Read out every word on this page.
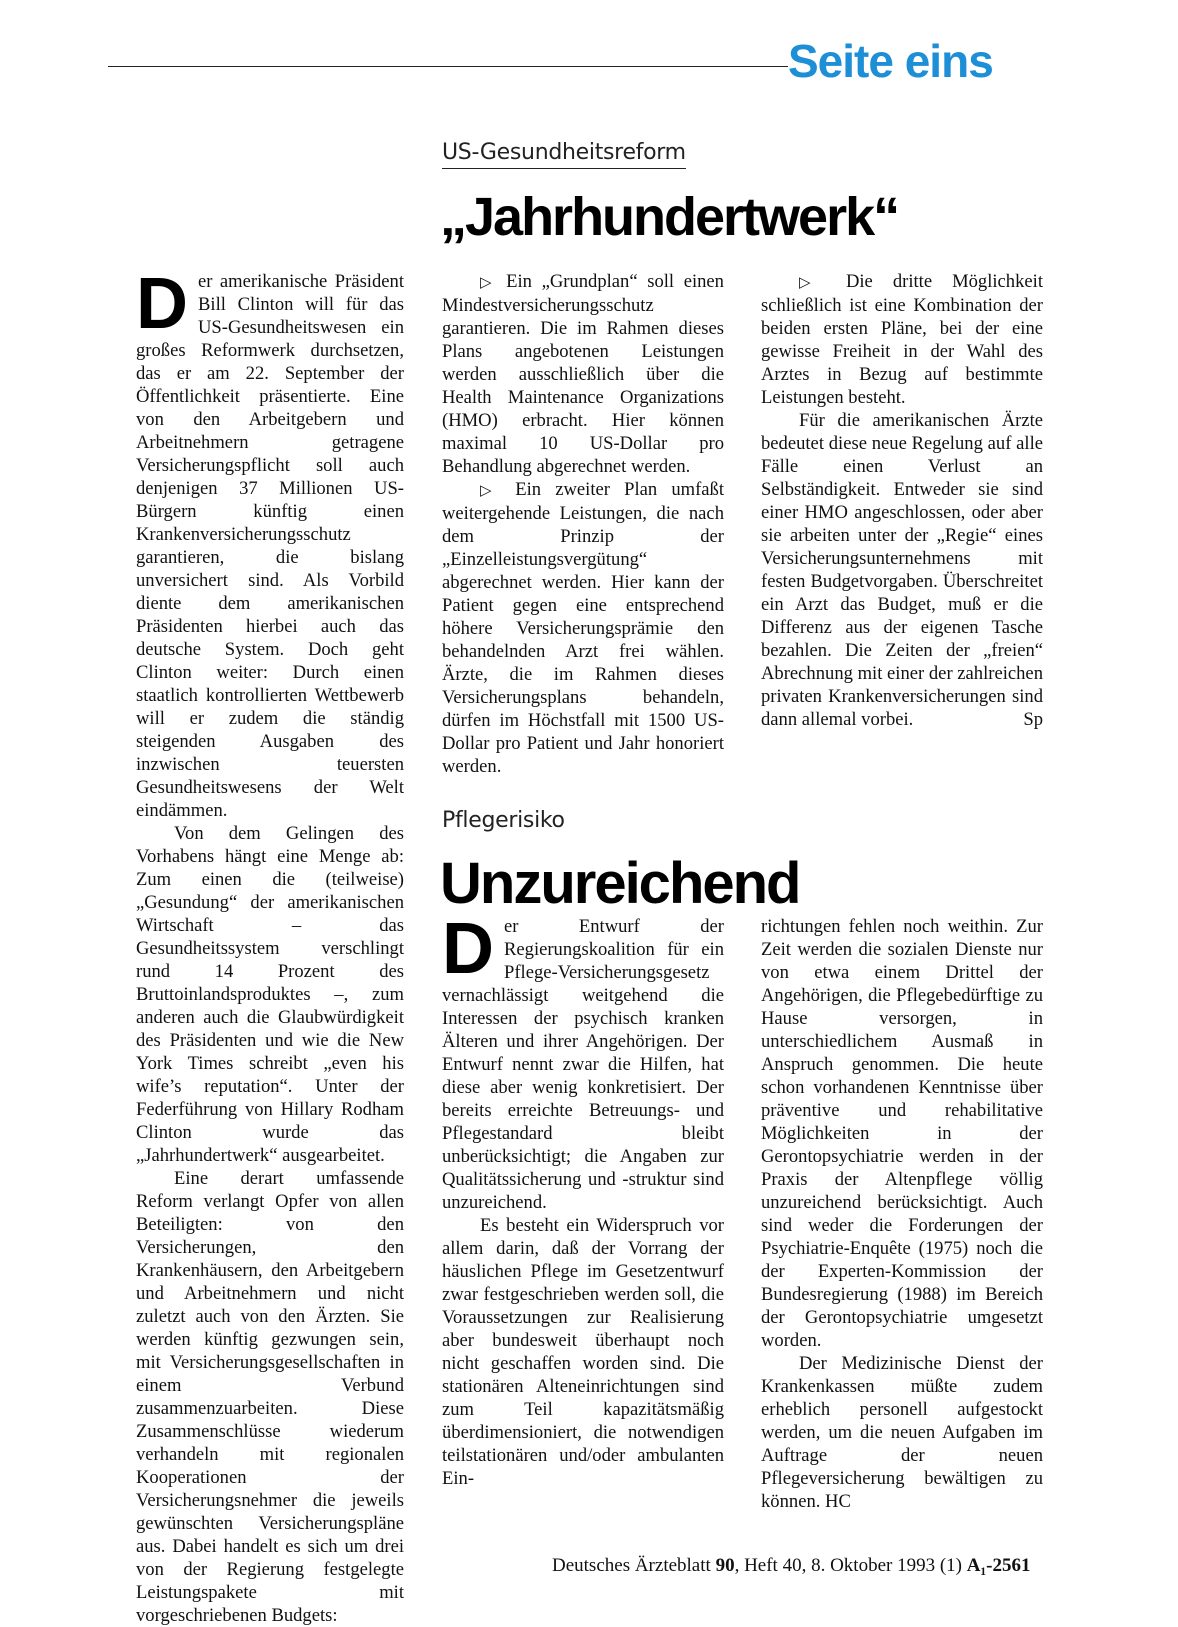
Seite eins
US-Gesundheitsreform
„Jahrhundertwerk“

Der amerikanische Präsident Bill Clinton will für das US-Gesundheitswesen ein großes Reformwerk durchsetzen, das er am 22. September der Öffentlichkeit präsentierte. Eine von den Arbeitgebern und Arbeitnehmern getragene Versicherungspflicht soll auch denjenigen 37 Millionen US-Bürgern künftig einen Krankenversicherungsschutz garantieren, die bislang unversichert sind. Als Vorbild diente dem amerikanischen Präsidenten hierbei auch das deutsche System. Doch geht Clinton weiter: Durch einen staatlich kontrollierten Wettbewerb will er zudem die ständig steigenden Ausgaben des inzwischen teuersten Gesundheitswesens der Welt eindämmen.

Von dem Gelingen des Vorhabens hängt eine Menge ab: Zum einen die (teilweise) „Gesundung“ der amerikanischen Wirtschaft – das Gesundheitssystem verschlingt rund 14 Prozent des Bruttoinlandsproduktes –, zum anderen auch die Glaubwürdigkeit des Präsidenten und wie die New York Times schreibt „even his wife’s reputation“. Unter der Federführung von Hillary Rodham Clinton wurde das „Jahrhundertwerk“ ausgearbeitet.

Eine derart umfassende Reform verlangt Opfer von allen Beteiligten: von den Versicherungen, den Krankenhäusern, den Arbeitgebern und Arbeitnehmern und nicht zuletzt auch von den Ärzten. Sie werden künftig gezwungen sein, mit Versicherungsgesellschaften in einem Verbund zusammenzuarbeiten. Diese Zusammenschlüsse wiederum verhandeln mit regionalen Kooperationen der Versicherungsnehmer die jeweils gewünschten Versicherungspläne aus. Dabei handelt es sich um drei von der Regierung festgelegte Leistungspakete mit vorgeschriebenen Budgets:

▷ Ein „Grundplan“ soll einen Mindestversicherungsschutz garantieren. Die im Rahmen dieses Plans angebotenen Leistungen werden ausschließlich über die Health Maintenance Organizations (HMO) erbracht. Hier können maximal 10 US-Dollar pro Behandlung abgerechnet werden.

▷ Ein zweiter Plan umfaßt weitergehende Leistungen, die nach dem Prinzip der „Einzelleistungsvergütung“ abgerechnet werden. Hier kann der Patient gegen eine entsprechend höhere Versicherungsprämie den behandelnden Arzt frei wählen. Ärzte, die im Rahmen dieses Versicherungsplans behandeln, dürfen im Höchstfall mit 1500 US-Dollar pro Patient und Jahr honoriert werden.

▷ Die dritte Möglichkeit schließlich ist eine Kombination der beiden ersten Pläne, bei der eine gewisse Freiheit in der Wahl des Arztes in Bezug auf bestimmte Leistungen besteht.

Für die amerikanischen Ärzte bedeutet diese neue Regelung auf alle Fälle einen Verlust an Selbständigkeit. Entweder sie sind einer HMO angeschlossen, oder aber sie arbeiten unter der „Regie“ eines Versicherungsunternehmens mit festen Budgetvorgaben. Überschreitet ein Arzt das Budget, muß er die Differenz aus der eigenen Tasche bezahlen. Die Zeiten der „freien“ Abrechnung mit einer der zahlreichen privaten Krankenversicherungen sind dann allemal vorbei.	Sp

Pflegerisiko
Unzureichend

Der Entwurf der Regierungskoalition für ein Pflege-Versicherungsgesetz vernachlässigt weitgehend die Interessen der psychisch kranken Älteren und ihrer Angehörigen. Der Entwurf nennt zwar die Hilfen, hat diese aber wenig konkretisiert. Der bereits erreichte Betreuungs- und Pflegestandard bleibt unberücksichtigt; die Angaben zur Qualitätssicherung und -struktur sind unzureichend.

Es besteht ein Widerspruch vor allem darin, daß der Vorrang der häuslichen Pflege im Gesetzentwurf zwar festgeschrieben werden soll, die Voraussetzungen zur Realisierung aber bundesweit überhaupt noch nicht geschaffen worden sind. Die stationären Alteneinrichtungen sind zum Teil kapazitätsmäßig überdimensioniert, die notwendigen teilstationären und/oder ambulanten Ein-

richtungen fehlen noch weithin. Zur Zeit werden die sozialen Dienste nur von etwa einem Drittel der Angehörigen, die Pflegebedürftige zu Hause versorgen, in unterschiedlichem Ausmaß in Anspruch genommen. Die heute schon vorhandenen Kenntnisse über präventive und rehabilitative Möglichkeiten in der Gerontopsychiatrie werden in der Praxis der Altenpflege völlig unzureichend berücksichtigt. Auch sind weder die Forderungen der Psychiatrie-Enquête (1975) noch die der Experten-Kommission der Bundesregierung (1988) im Bereich der Gerontopsychiatrie umgesetzt worden.

Der Medizinische Dienst der Krankenkassen müßte zudem erheblich personell aufgestockt werden, um die neuen Aufgaben im Auftrage der neuen Pflegeversicherung bewältigen zu können. HC

Deutsches Ärzteblatt 90, Heft 40, 8. Oktober 1993 (1) A₁-2561
